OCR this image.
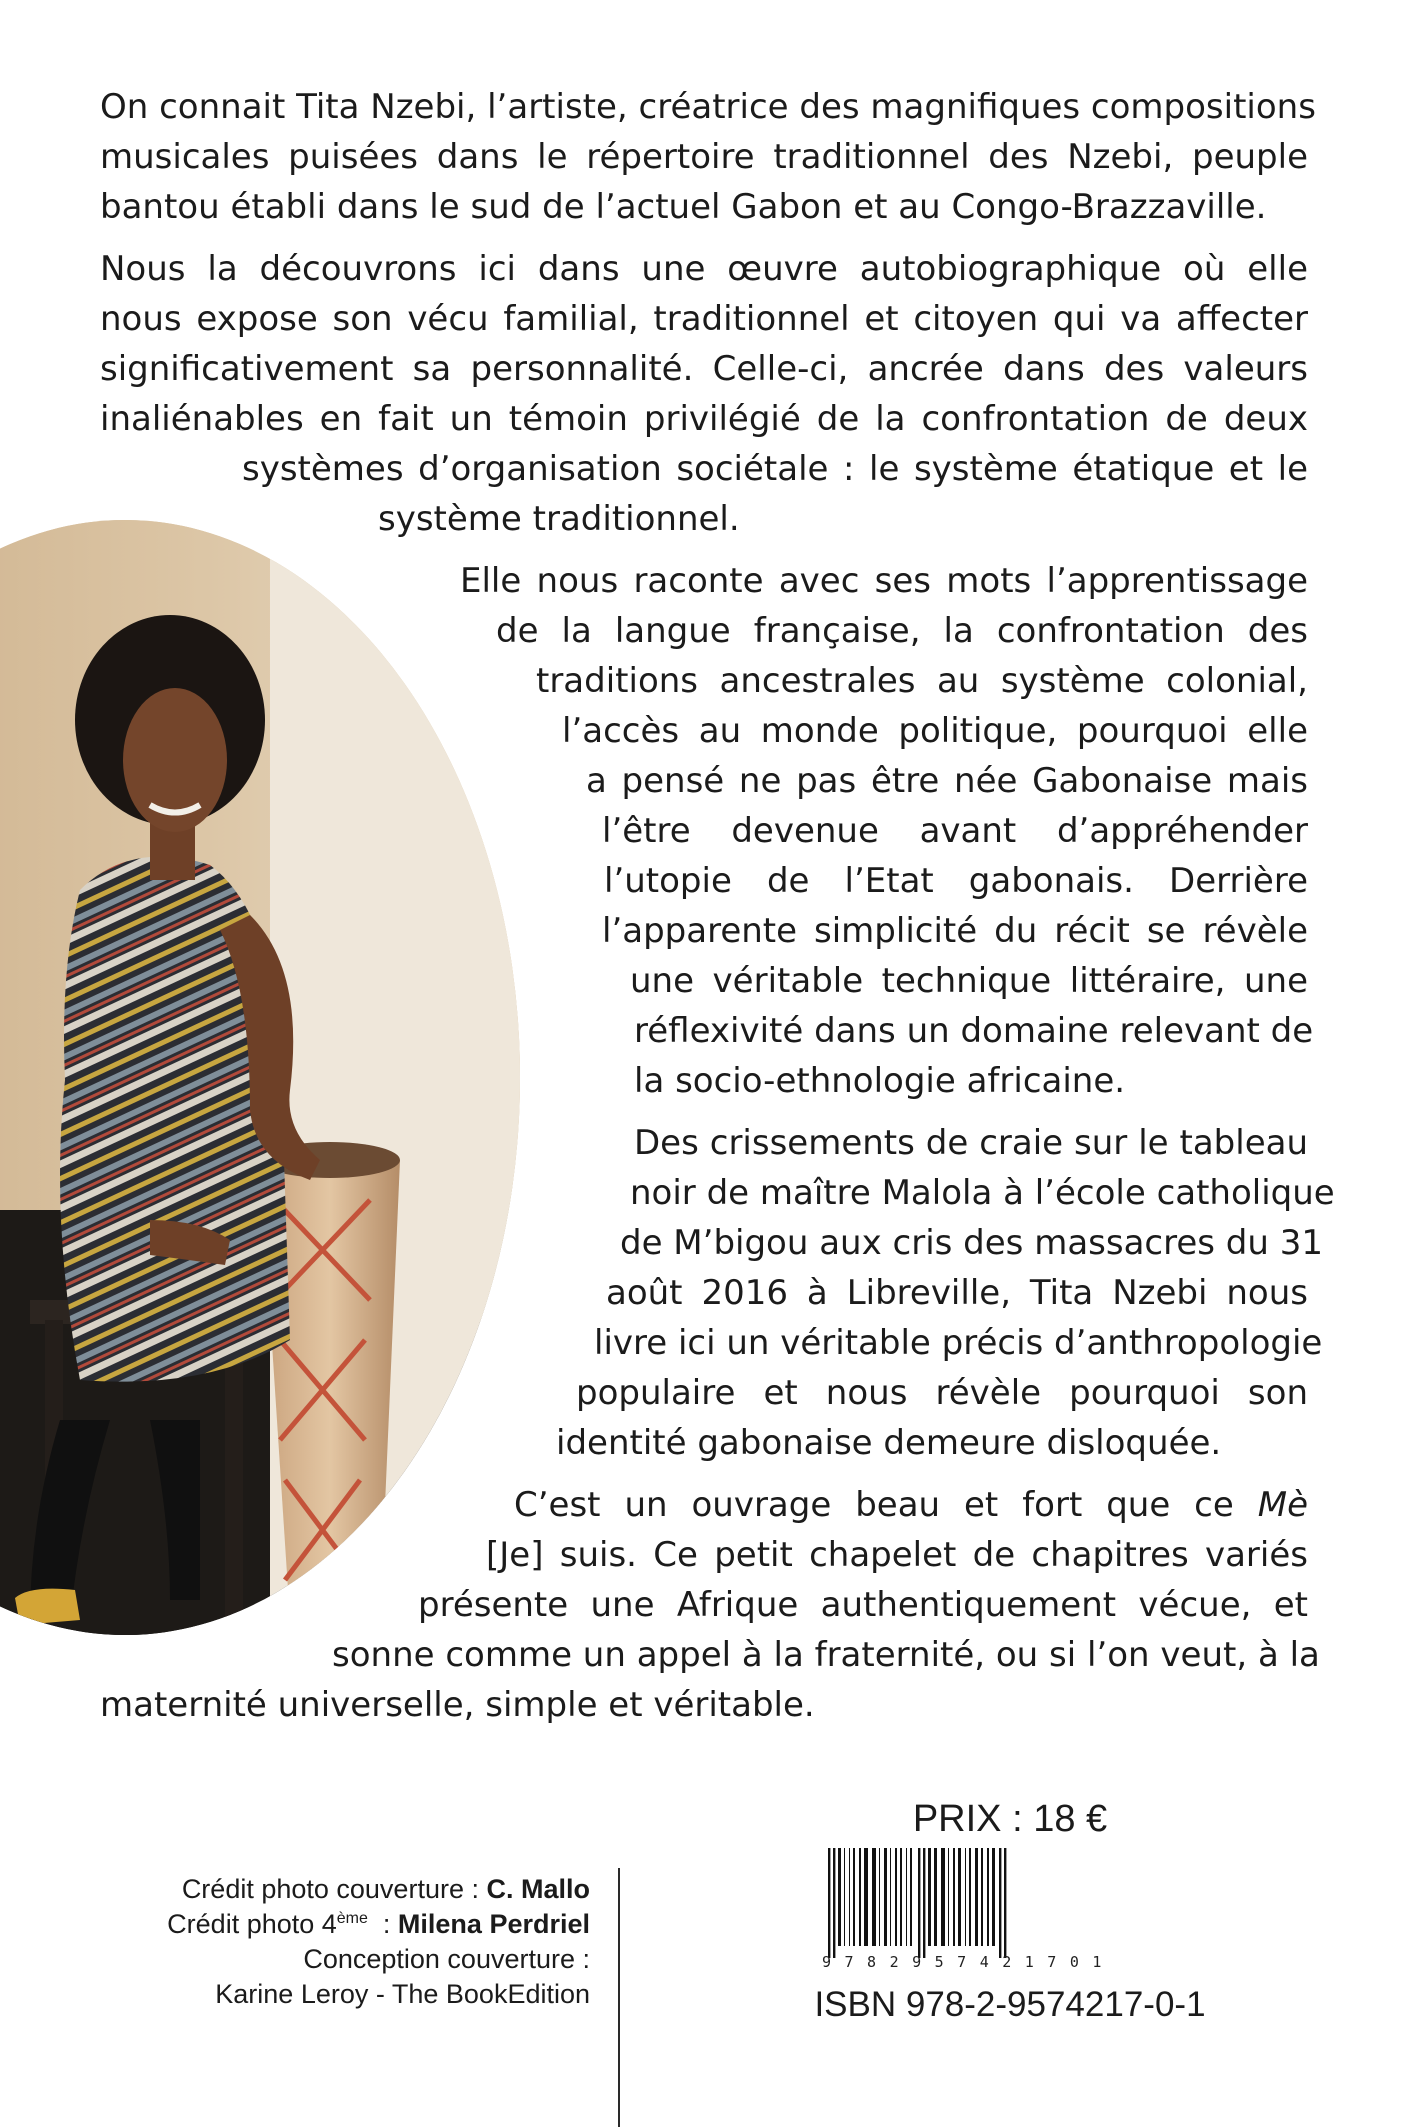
On connait Tita Nzebi, l’artiste, créatrice des magnifiques compositions
musicales puisées dans le répertoire traditionnel des Nzebi, peuple
bantou établi dans le sud de l’actuel Gabon et au Congo-Brazzaville.
Nous la découvrons ici dans une œuvre autobiographique où elle
nous expose son vécu familial, traditionnel et citoyen qui va affecter
significativement sa personnalité. Celle-ci, ancrée dans des valeurs
inaliénables en fait un témoin privilégié de la confrontation de deux
systèmes d’organisation sociétale : le système étatique et le
système traditionnel.
Elle nous raconte avec ses mots l’apprentissage
de la langue française, la confrontation des
traditions ancestrales au système colonial,
l’accès au monde politique, pourquoi elle
a pensé ne pas être née Gabonaise mais
l’être devenue avant d’appréhender
l’utopie de l’Etat gabonais. Derrière
l’apparente simplicité du récit se révèle
une véritable technique littéraire, une
réflexivité dans un domaine relevant de
la socio-ethnologie africaine.
Des crissements de craie sur le tableau
noir de maître Malola à l’école catholique
de M’bigou aux cris des massacres du 31
août 2016 à Libreville, Tita Nzebi nous
livre ici un véritable précis d’anthropologie
populaire et nous révèle pourquoi son
identité gabonaise demeure disloquée.
C’est un ouvrage beau et fort que ce Mè
[Je] suis. Ce petit chapelet de chapitres variés
présente une Afrique authentiquement vécue, et
sonne comme un appel à la fraternité, ou si l’on veut, à la
maternité universelle, simple et véritable.
Crédit photo couverture : C. Mallo
Crédit photo 4ème  : Milena Perdriel
Conception couverture :
Karine Leroy - The BookEdition
PRIX : 18 €
9782957421701
ISBN 978-2-9574217-0-1
